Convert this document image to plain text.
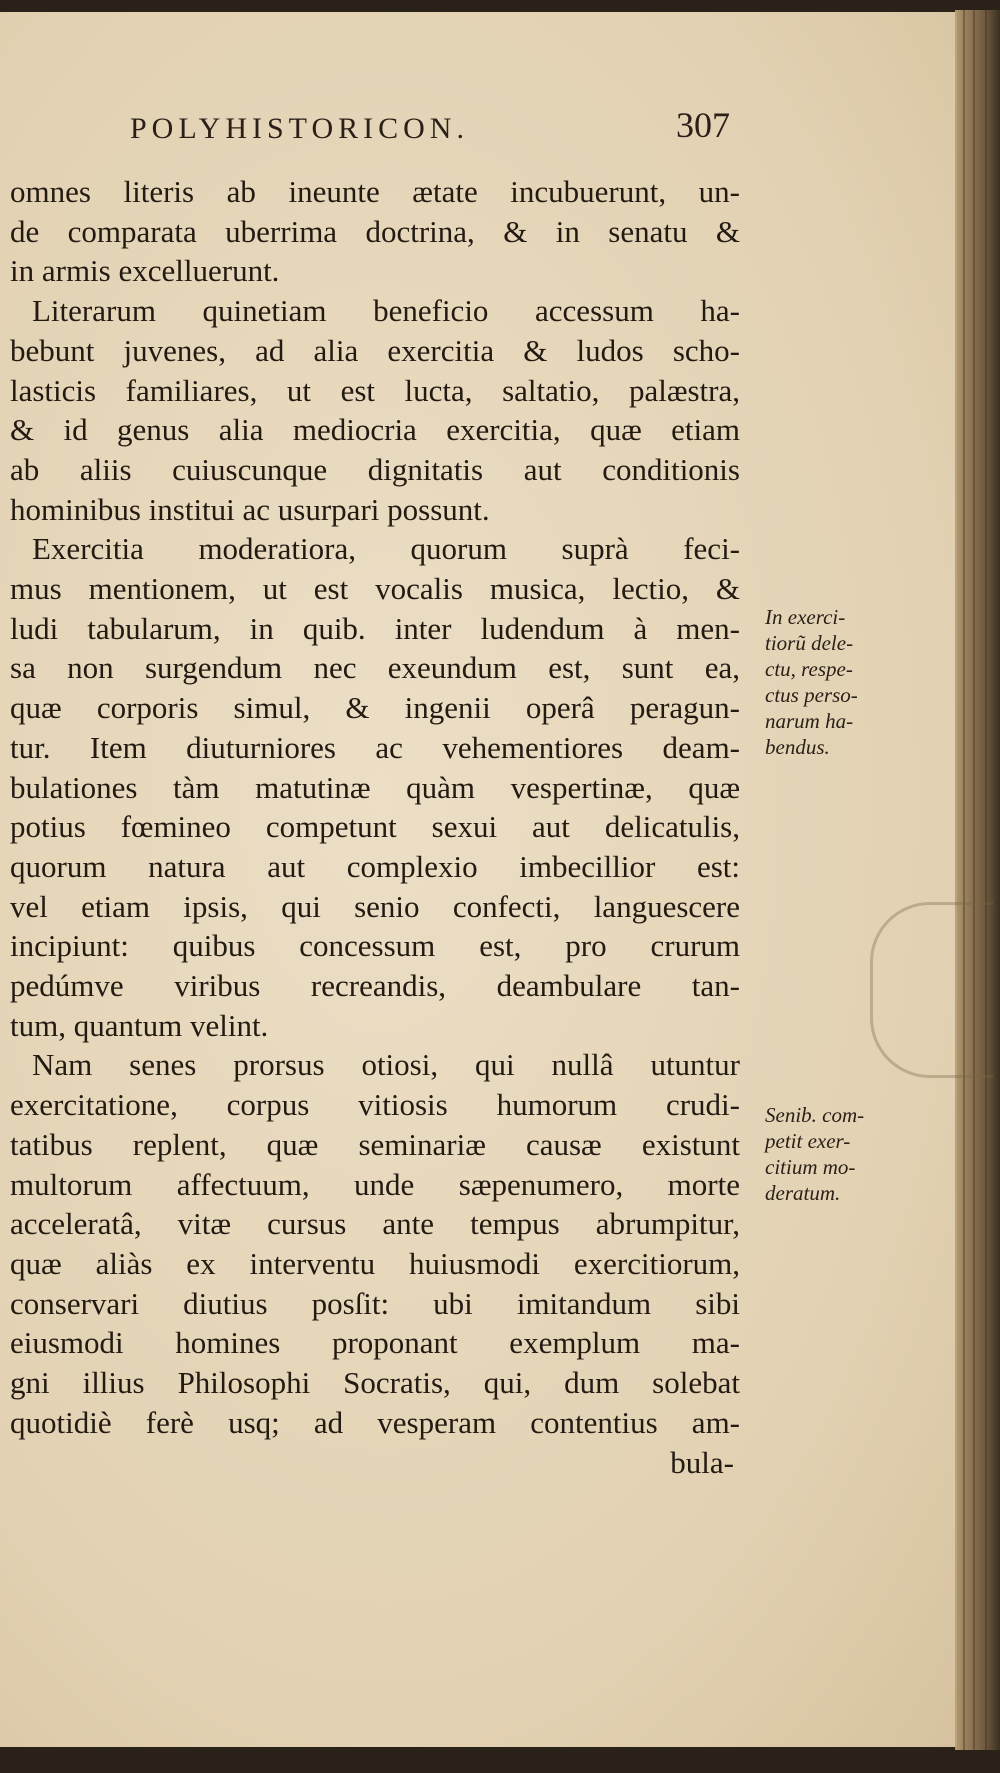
POLYHISTORICON.	307
omnes literis ab ineunte ætate incubuerunt, un-
de comparata uberrima doctrina, & in senatu &
in armis excelluerunt.
Literarum quinetiam beneficio accessum ha-
bebunt juvenes, ad alia exercitia & ludos scho-
lasticis familiares, ut est lucta, saltatio, palæstra,
& id genus alia mediocria exercitia, quæ etiam
ab aliis cuiuscunque dignitatis aut conditionis
hominibus institui ac usurpari possunt.
Exercitia moderatiora, quorum suprà feci-
mus mentionem, ut est vocalis musica, lectio, &
ludi tabularum, in quib. inter ludendum à men-
sa non surgendum nec exeundum est, sunt ea,
quæ corporis simul, & ingenii operâ peragun-
tur. Item diuturniores ac vehementiores deam-
bulationes tàm matutinæ quàm vespertinæ, quæ
potius fœmineo competunt sexui aut delicatulis,
quorum natura aut complexio imbecillior est:
vel etiam ipsis, qui senio confecti, languescere
incipiunt: quibus concessum est, pro crurum
pedúmve viribus recreandis, deambulare tan-
tum, quantum velint.
Nam senes prorsus otiosi, qui nullâ utuntur
exercitatione, corpus vitiosis humorum crudi-
tatibus replent, quæ seminariæ causæ existunt
multorum affectuum, unde sæpenumero, morte
acceleratâ, vitæ cursus ante tempus abrumpitur,
quæ aliàs ex interventu huiusmodi exercitiorum,
conservari diutius posſit: ubi imitandum sibi
eiusmodi homines proponant exemplum ma-
gni illius Philosophi Socratis, qui, dum solebat
quotidiè ferè usq; ad vesperam contentius am-
bula-
In exerci-
tiorũ dele-
ctu, respe-
ctus perso-
narum ha-
bendus.
Senib. com-
petit exer-
citium mo-
deratum.
